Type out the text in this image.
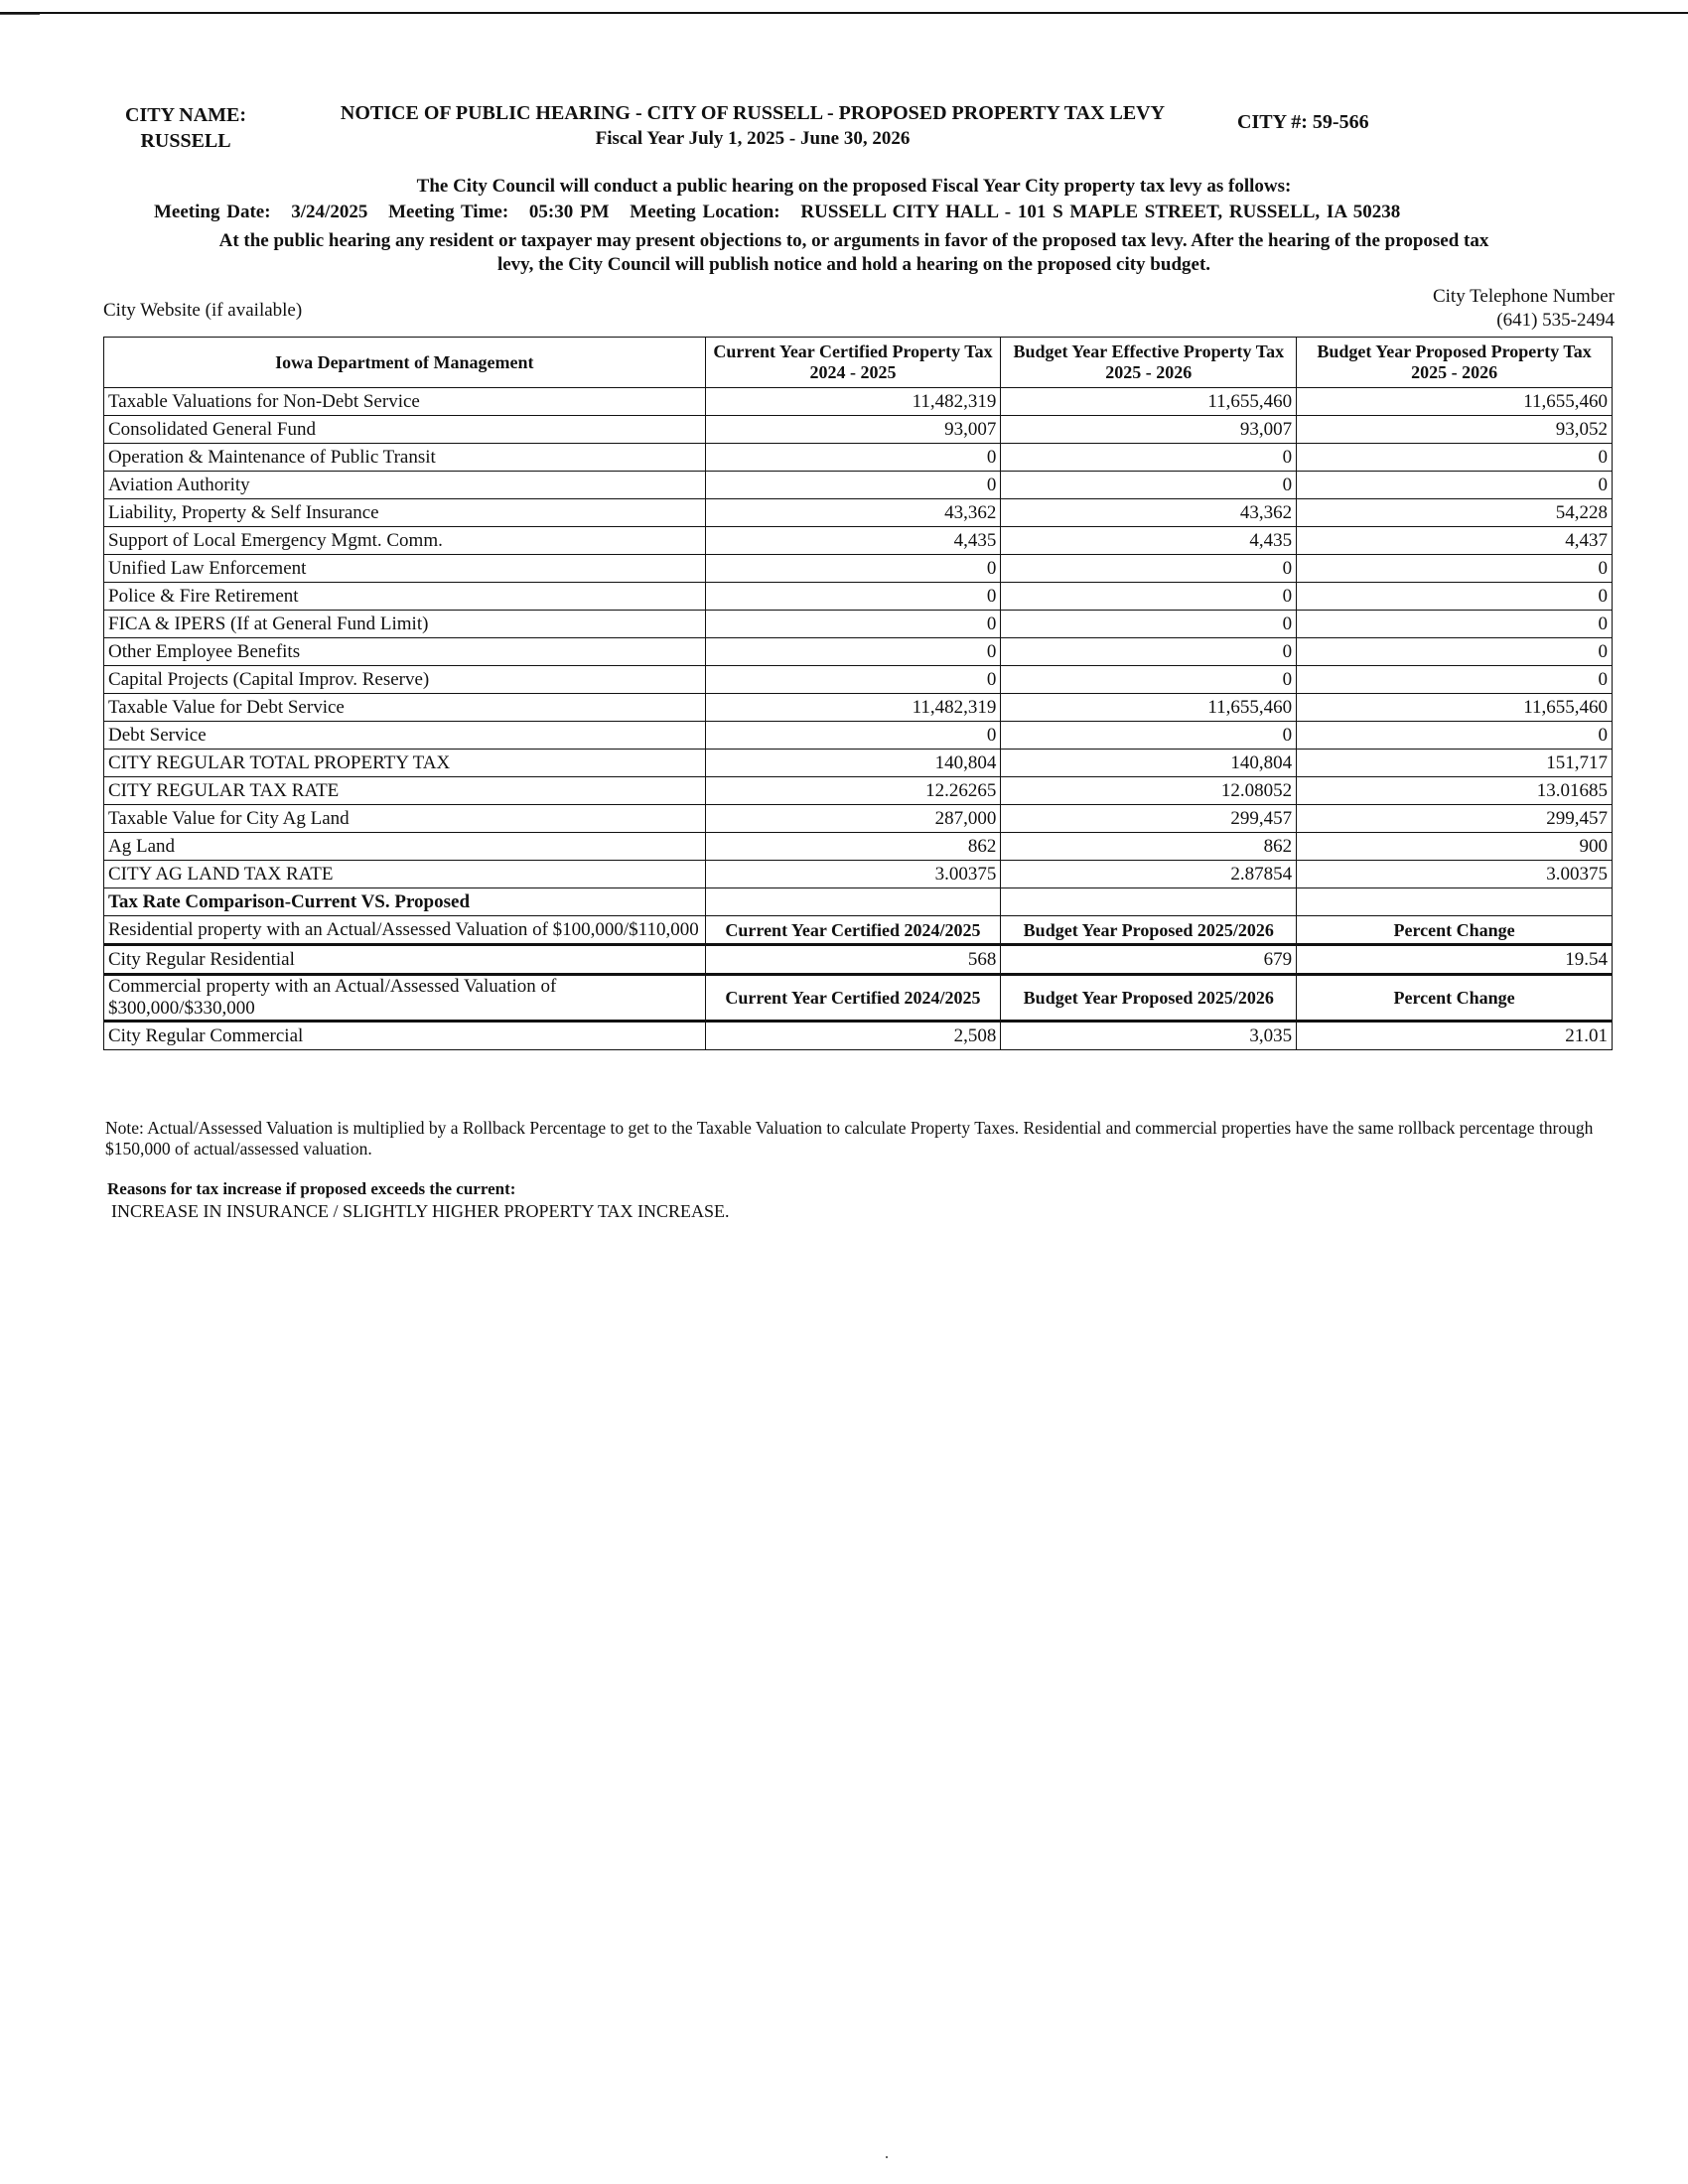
CITY NAME:
RUSSELL
NOTICE OF PUBLIC HEARING - CITY OF RUSSELL - PROPOSED PROPERTY TAX LEVY
Fiscal Year July 1, 2025 - June 30, 2026
CITY #: 59-566
The City Council will conduct a public hearing on the proposed Fiscal Year City property tax levy as follows:
Meeting Date: 3/24/2025 Meeting Time: 05:30 PM Meeting Location: RUSSELL CITY HALL - 101 S MAPLE STREET, RUSSELL, IA 50238
At the public hearing any resident or taxpayer may present objections to, or arguments in favor of the proposed tax levy. After the hearing of the proposed tax
levy, the City Council will publish notice and hold a hearing on the proposed city budget.
City Website (if available)
City Telephone Number
(641) 535-2494
Iowa Department of Management	Current Year Certified Property Tax 2024 - 2025	Budget Year Effective Property Tax 2025 - 2026	Budget Year Proposed Property Tax 2025 - 2026
Taxable Valuations for Non-Debt Service	11,482,319	11,655,460	11,655,460
Consolidated General Fund	93,007	93,007	93,052
Operation & Maintenance of Public Transit	0	0	0
Aviation Authority	0	0	0
Liability, Property & Self Insurance	43,362	43,362	54,228
Support of Local Emergency Mgmt. Comm.	4,435	4,435	4,437
Unified Law Enforcement	0	0	0
Police & Fire Retirement	0	0	0
FICA & IPERS (If at General Fund Limit)	0	0	0
Other Employee Benefits	0	0	0
Capital Projects (Capital Improv. Reserve)	0	0	0
Taxable Value for Debt Service	11,482,319	11,655,460	11,655,460
Debt Service	0	0	0
CITY REGULAR TOTAL PROPERTY TAX	140,804	140,804	151,717
CITY REGULAR TAX RATE	12.26265	12.08052	13.01685
Taxable Value for City Ag Land	287,000	299,457	299,457
Ag Land	862	862	900
CITY AG LAND TAX RATE	3.00375	2.87854	3.00375
Tax Rate Comparison-Current VS. Proposed			
Residential property with an Actual/Assessed Valuation of $100,000/$110,000	Current Year Certified 2024/2025	Budget Year Proposed 2025/2026	Percent Change
City Regular Residential	568	679	19.54
Commercial property with an Actual/Assessed Valuation of $300,000/$330,000	Current Year Certified 2024/2025	Budget Year Proposed 2025/2026	Percent Change
City Regular Commercial	2,508	3,035	21.01
Note: Actual/Assessed Valuation is multiplied by a Rollback Percentage to get to the Taxable Valuation to calculate Property Taxes. Residential and commercial properties have the same rollback percentage through $150,000 of actual/assessed valuation.
Reasons for tax increase if proposed exceeds the current:
INCREASE IN INSURANCE / SLIGHTLY HIGHER PROPERTY TAX INCREASE.
